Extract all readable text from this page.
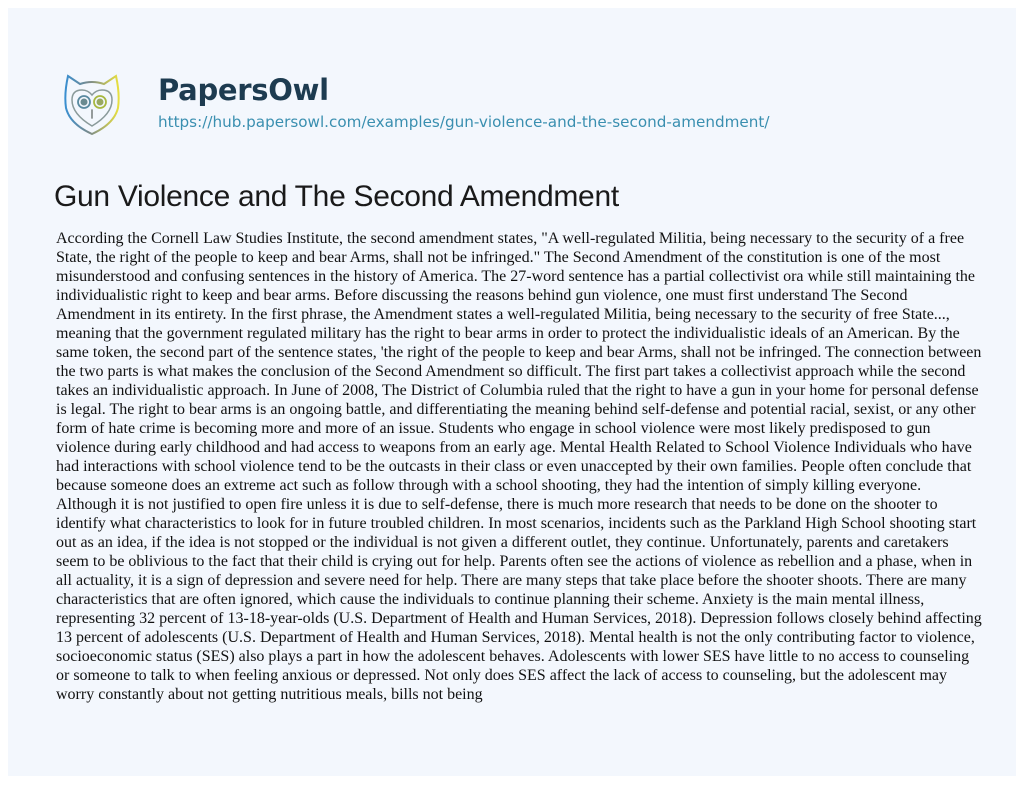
PapersOwl
https://hub.papersowl.com/examples/gun-violence-and-the-second-amendment/
Gun Violence and The Second Amendment
According the Cornell Law Studies Institute, the second amendment states, "A well-regulated Militia, being necessary to the security of a free
State, the right of the people to keep and bear Arms, shall not be infringed." The Second Amendment of the constitution is one of the most
misunderstood and confusing sentences in the history of America. The 27-word sentence has a partial collectivist ora while still maintaining the
individualistic right to keep and bear arms. Before discussing the reasons behind gun violence, one must first understand The Second
Amendment in its entirety. In the first phrase, the Amendment states a well-regulated Militia, being necessary to the security of free State...,
meaning that the government regulated military has the right to bear arms in order to protect the individualistic ideals of an American. By the
same token, the second part of the sentence states, 'the right of the people to keep and bear Arms, shall not be infringed. The connection between
the two parts is what makes the conclusion of the Second Amendment so difficult. The first part takes a collectivist approach while the second
takes an individualistic approach. In June of 2008, The District of Columbia ruled that the right to have a gun in your home for personal defense
is legal. The right to bear arms is an ongoing battle, and differentiating the meaning behind self-defense and potential racial, sexist, or any other
form of hate crime is becoming more and more of an issue. Students who engage in school violence were most likely predisposed to gun
violence during early childhood and had access to weapons from an early age. Mental Health Related to School Violence Individuals who have
had interactions with school violence tend to be the outcasts in their class or even unaccepted by their own families. People often conclude that
because someone does an extreme act such as follow through with a school shooting, they had the intention of simply killing everyone.
Although it is not justified to open fire unless it is due to self-defense, there is much more research that needs to be done on the shooter to
identify what characteristics to look for in future troubled children. In most scenarios, incidents such as the Parkland High School shooting start
out as an idea, if the idea is not stopped or the individual is not given a different outlet, they continue. Unfortunately, parents and caretakers
seem to be oblivious to the fact that their child is crying out for help. Parents often see the actions of violence as rebellion and a phase, when in
all actuality, it is a sign of depression and severe need for help. There are many steps that take place before the shooter shoots. There are many
characteristics that are often ignored, which cause the individuals to continue planning their scheme. Anxiety is the main mental illness,
representing 32 percent of 13-18-year-olds (U.S. Department of Health and Human Services, 2018). Depression follows closely behind affecting
13 percent of adolescents (U.S. Department of Health and Human Services, 2018). Mental health is not the only contributing factor to violence,
socioeconomic status (SES) also plays a part in how the adolescent behaves. Adolescents with lower SES have little to no access to counseling
or someone to talk to when feeling anxious or depressed. Not only does SES affect the lack of access to counseling, but the adolescent may
worry constantly about not getting nutritious meals, bills not being
